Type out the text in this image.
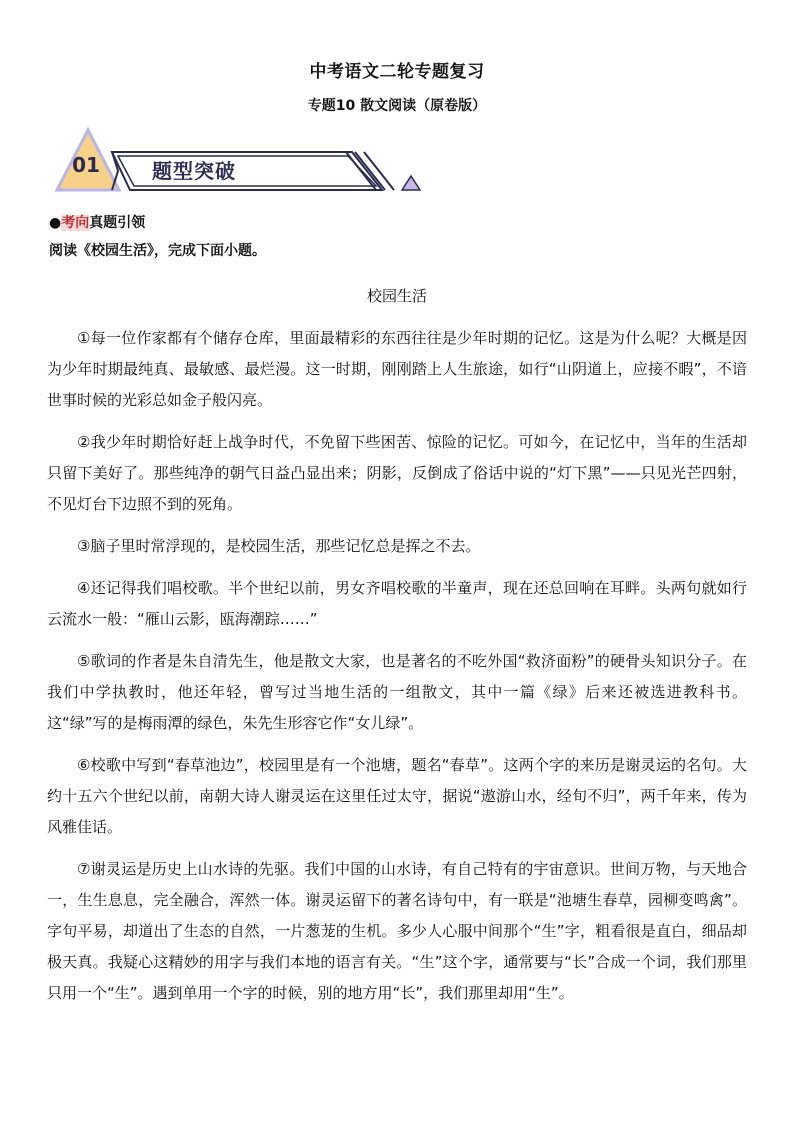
中考语文二轮专题复习
专题10 散文阅读（原卷版）
01	题型突破
●考向真题引领
阅读《校园生活》，完成下面小题。
校园生活

①每一位作家都有个储存仓库，里面最精彩的东西往往是少年时期的记忆。这是为什么呢？大概是因为少年时期最纯真、最敏感、最烂漫。这一时期，刚刚踏上人生旅途，如行“山阴道上，应接不暇”，不谙世事时候的光彩总如金子般闪亮。

②我少年时期恰好赶上战争时代，不免留下些困苦、惊险的记忆。可如今，在记忆中，当年的生活却只留下美好了。那些纯净的朝气日益凸显出来；阴影，反倒成了俗话中说的“灯下黑”——只见光芒四射，不见灯台下边照不到的死角。

③脑子里时常浮现的，是校园生活，那些记忆总是挥之不去。

④还记得我们唱校歌。半个世纪以前，男女齐唱校歌的半童声，现在还总回响在耳畔。头两句就如行云流水一般：“雁山云影，瓯海潮踪……”

⑤歌词的作者是朱自清先生，他是散文大家，也是著名的不吃外国“救济面粉”的硬骨头知识分子。在我们中学执教时，他还年轻，曾写过当地生活的一组散文，其中一篇《绿》后来还被选进教科书。这“绿”写的是梅雨潭的绿色，朱先生形容它作“女儿绿”。

⑥校歌中写到“春草池边”，校园里是有一个池塘，题名“春草”。这两个字的来历是谢灵运的名句。大约十五六个世纪以前，南朝大诗人谢灵运在这里任过太守，据说“遨游山水，经旬不归”，两千年来，传为风雅佳话。

⑦谢灵运是历史上山水诗的先驱。我们中国的山水诗，有自己特有的宇宙意识。世间万物，与天地合一，生生息息，完全融合，浑然一体。谢灵运留下的著名诗句中，有一联是“池塘生春草，园柳变鸣禽”。字句平易，却道出了生态的自然，一片葱茏的生机。多少人心服中间那个“生”字，粗看很是直白，细品却极天真。我疑心这精妙的用字与我们本地的语言有关。“生”这个字，通常要与“长”合成一个词，我们那里只用一个“生”。遇到单用一个字的时候，别的地方用“长”，我们那里却用“生”。
